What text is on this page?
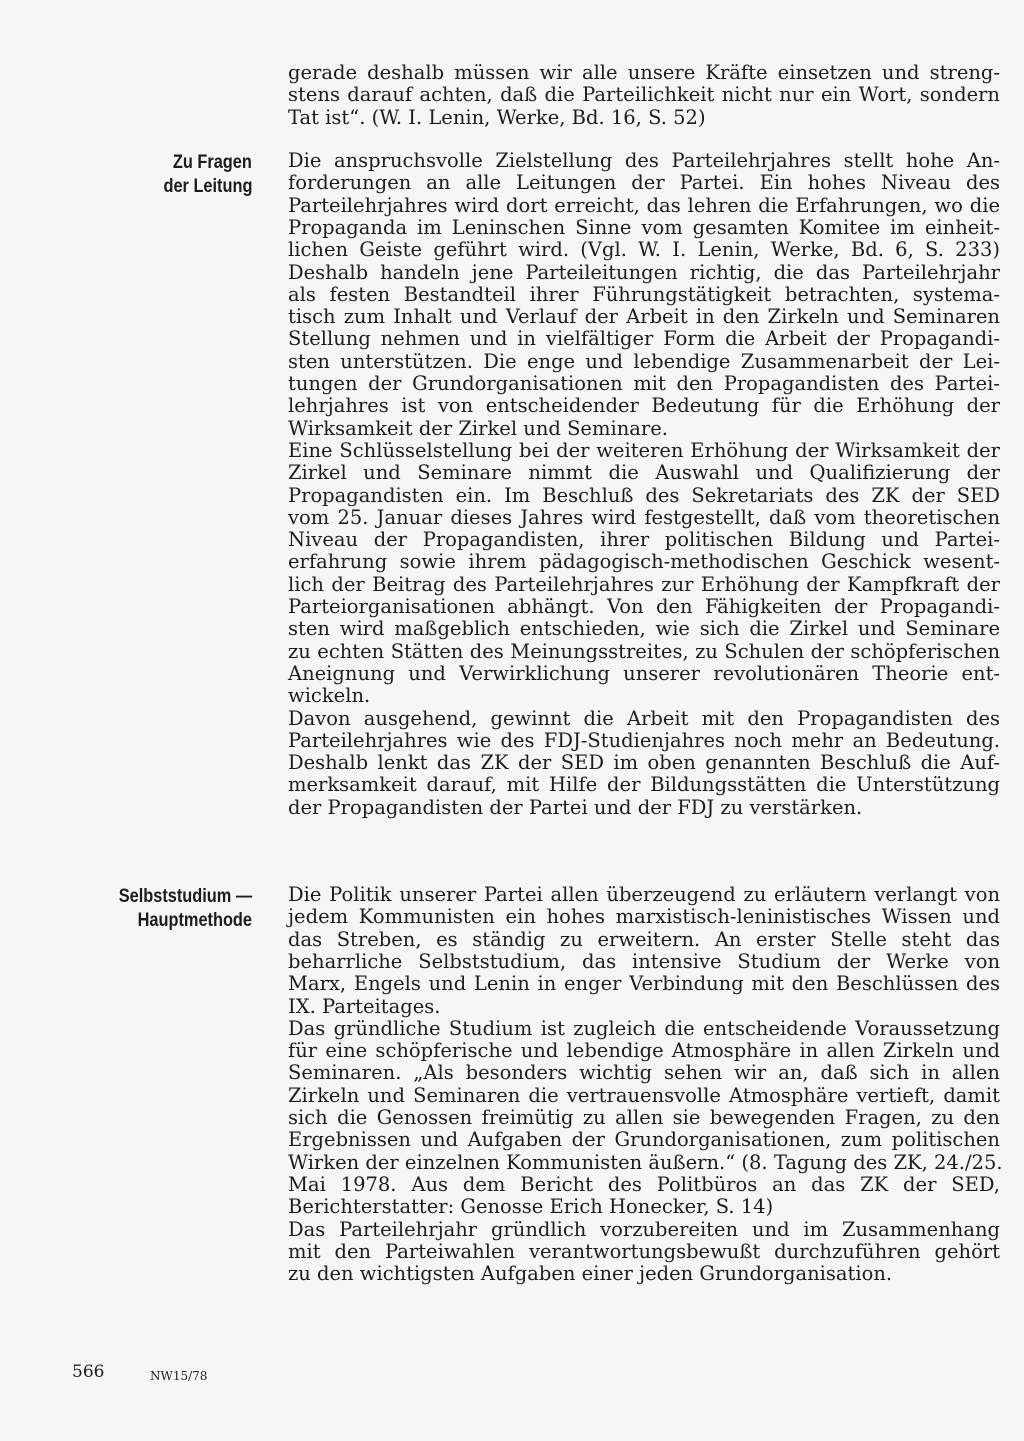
gerade deshalb müssen wir alle unsere Kräfte einsetzen und streng-
stens darauf achten, daß die Parteilichkeit nicht nur ein Wort, sondern
Tat ist“. (W. I. Lenin, Werke, Bd. 16, S. 52)
Zu Fragen
der Leitung
Die anspruchsvolle Zielstellung des Parteilehrjahres stellt hohe An-
forderungen an alle Leitungen der Partei. Ein hohes Niveau des
Parteilehrjahres wird dort erreicht, das lehren die Erfahrungen, wo die
Propaganda im Leninschen Sinne vom gesamten Komitee im einheit-
lichen Geiste geführt wird. (Vgl. W. I. Lenin, Werke, Bd. 6, S. 233)
Deshalb handeln jene Parteileitungen richtig, die das Parteilehrjahr
als festen Bestandteil ihrer Führungstätigkeit betrachten, systema-
tisch zum Inhalt und Verlauf der Arbeit in den Zirkeln und Seminaren
Stellung nehmen und in vielfältiger Form die Arbeit der Propagandi-
sten unterstützen. Die enge und lebendige Zusammenarbeit der Lei-
tungen der Grundorganisationen mit den Propagandisten des Partei-
lehrjahres ist von entscheidender Bedeutung für die Erhöhung der
Wirksamkeit der Zirkel und Seminare.
Eine Schlüsselstellung bei der weiteren Erhöhung der Wirksamkeit der
Zirkel und Seminare nimmt die Auswahl und Qualifizierung der
Propagandisten ein. Im Beschluß des Sekretariats des ZK der SED
vom 25. Januar dieses Jahres wird festgestellt, daß vom theoretischen
Niveau der Propagandisten, ihrer politischen Bildung und Partei-
erfahrung sowie ihrem pädagogisch-methodischen Geschick wesent-
lich der Beitrag des Parteilehrjahres zur Erhöhung der Kampfkraft der
Parteiorganisationen abhängt. Von den Fähigkeiten der Propagandi-
sten wird maßgeblich entschieden, wie sich die Zirkel und Seminare
zu echten Stätten des Meinungsstreites, zu Schulen der schöpferischen
Aneignung und Verwirklichung unserer revolutionären Theorie ent-
wickeln.
Davon ausgehend, gewinnt die Arbeit mit den Propagandisten des
Parteilehrjahres wie des FDJ-Studienjahres noch mehr an Bedeutung.
Deshalb lenkt das ZK der SED im oben genannten Beschluß die Auf-
merksamkeit darauf, mit Hilfe der Bildungsstätten die Unterstützung
der Propagandisten der Partei und der FDJ zu verstärken.
Selbststudium —
Hauptmethode
Die Politik unserer Partei allen überzeugend zu erläutern verlangt von
jedem Kommunisten ein hohes marxistisch-leninistisches Wissen und
das Streben, es ständig zu erweitern. An erster Stelle steht das
beharrliche Selbststudium, das intensive Studium der Werke von
Marx, Engels und Lenin in enger Verbindung mit den Beschlüssen des
IX. Parteitages.
Das gründliche Studium ist zugleich die entscheidende Voraussetzung
für eine schöpferische und lebendige Atmosphäre in allen Zirkeln und
Seminaren. „Als besonders wichtig sehen wir an, daß sich in allen
Zirkeln und Seminaren die vertrauensvolle Atmosphäre vertieft, damit
sich die Genossen freimütig zu allen sie bewegenden Fragen, zu den
Ergebnissen und Aufgaben der Grundorganisationen, zum politischen
Wirken der einzelnen Kommunisten äußern.“ (8. Tagung des ZK, 24./25.
Mai 1978. Aus dem Bericht des Politbüros an das ZK der SED,
Berichterstatter: Genosse Erich Honecker, S. 14)
Das Parteilehrjahr gründlich vorzubereiten und im Zusammenhang
mit den Parteiwahlen verantwortungsbewußt durchzuführen gehört
zu den wichtigsten Aufgaben einer jeden Grundorganisation.
566	NW15/78
